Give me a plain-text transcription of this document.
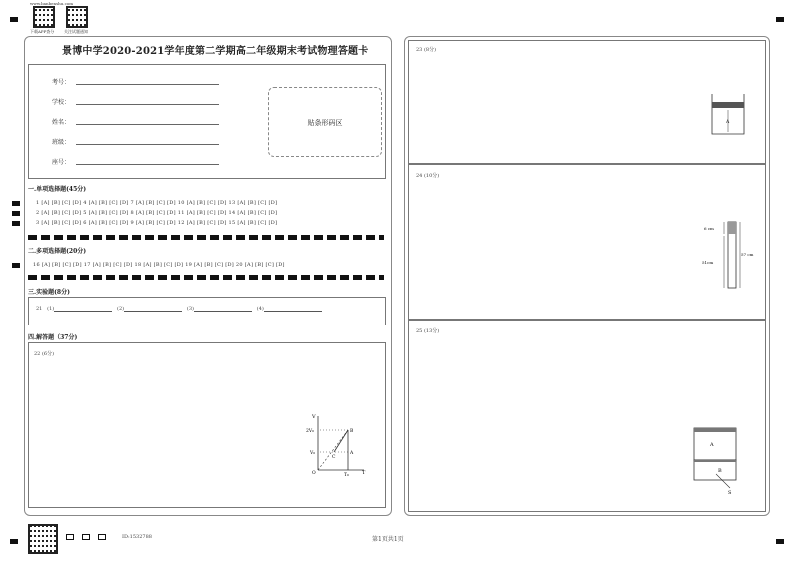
www.banbenshu.com
下载APP查分 关注试题通知
景博中学2020-2021学年度第二学期高二年级期末考试物理答题卡
考号：
学校：
姓名：
班级：
座号：
贴条形码区
一.单项选择题(45分)
1 [A] [B] [C] [D] 4 [A] [B] [C] [D] 7 [A] [B] [C] [D] 10 [A] [B] [C] [D] 13 [A] [B] [C] [D]
2 [A] [B] [C] [D] 5 [A] [B] [C] [D] 8 [A] [B] [C] [D] 11 [A] [B] [C] [D] 14 [A] [B] [C] [D]
3 [A] [B] [C] [D] 6 [A] [B] [C] [D] 9 [A] [B] [C] [D] 12 [A] [B] [C] [D] 15 [A] [B] [C] [D]
二.多项选择题(20分)
16 [A] [B] [C] [D] 17 [A] [B] [C] [D] 18 [A] [B] [C] [D] 19 [A] [B] [C] [D] 20 [A] [B] [C] [D]
三.实验题(8分)
21 (1)	(2)	(3)	(4)
四.解答题（37分)
22 (6分)
V
T
2V₀
V₀
O	T₀
A
B
C
23 (8分)
24 (10分)
25 (13分)
A
6 cm
57 cm
51cm
A
B
S
ID:1532788	第1页共1页
